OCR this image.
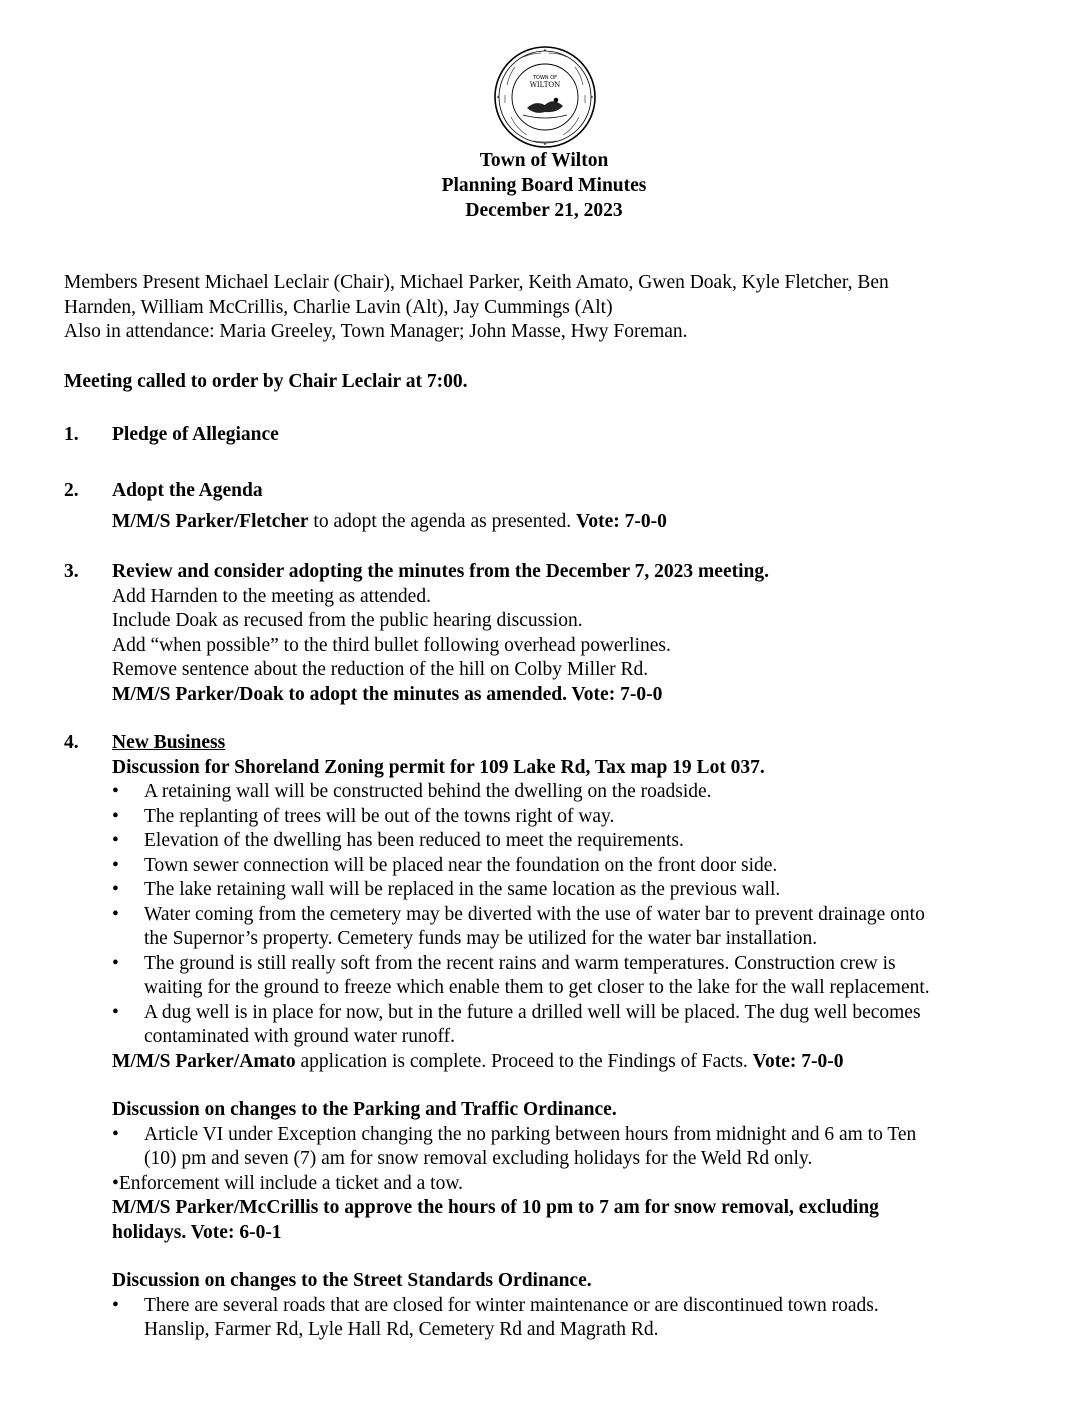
TOWN OF
WILTON
Town of Wilton
Planning Board Minutes
December 21, 2023
Members Present Michael Leclair (Chair), Michael Parker, Keith Amato, Gwen Doak, Kyle Fletcher, Ben
Harnden, William McCrillis, Charlie Lavin (Alt), Jay Cummings (Alt)
Also in attendance: Maria Greeley, Town Manager; John Masse, Hwy Foreman.
Meeting called to order by Chair Leclair at 7:00.
1. Pledge of Allegiance
2. Adopt the Agenda
M/M/S Parker/Fletcher to adopt the agenda as presented. Vote: 7-0-0
3. Review and consider adopting the minutes from the December 7, 2023 meeting.
Add Harnden to the meeting as attended.
Include Doak as recused from the public hearing discussion.
Add “when possible” to the third bullet following overhead powerlines.
Remove sentence about the reduction of the hill on Colby Miller Rd.
M/M/S Parker/Doak to adopt the minutes as amended. Vote: 7-0-0
4. New Business
Discussion for Shoreland Zoning permit for 109 Lake Rd, Tax map 19 Lot 037.
• A retaining wall will be constructed behind the dwelling on the roadside.
• The replanting of trees will be out of the towns right of way.
• Elevation of the dwelling has been reduced to meet the requirements.
• Town sewer connection will be placed near the foundation on the front door side.
• The lake retaining wall will be replaced in the same location as the previous wall.
• Water coming from the cemetery may be diverted with the use of water bar to prevent drainage onto
the Supernor’s property. Cemetery funds may be utilized for the water bar installation.
• The ground is still really soft from the recent rains and warm temperatures. Construction crew is
waiting for the ground to freeze which enable them to get closer to the lake for the wall replacement.
• A dug well is in place for now, but in the future a drilled well will be placed. The dug well becomes
contaminated with ground water runoff.
M/M/S Parker/Amato application is complete. Proceed to the Findings of Facts. Vote: 7-0-0
Discussion on changes to the Parking and Traffic Ordinance.
• Article VI under Exception changing the no parking between hours from midnight and 6 am to Ten
(10) pm and seven (7) am for snow removal excluding holidays for the Weld Rd only.
•Enforcement will include a ticket and a tow.
M/M/S Parker/McCrillis to approve the hours of 10 pm to 7 am for snow removal, excluding
holidays. Vote: 6-0-1
Discussion on changes to the Street Standards Ordinance.
• There are several roads that are closed for winter maintenance or are discontinued town roads.
Hanslip, Farmer Rd, Lyle Hall Rd, Cemetery Rd and Magrath Rd.
